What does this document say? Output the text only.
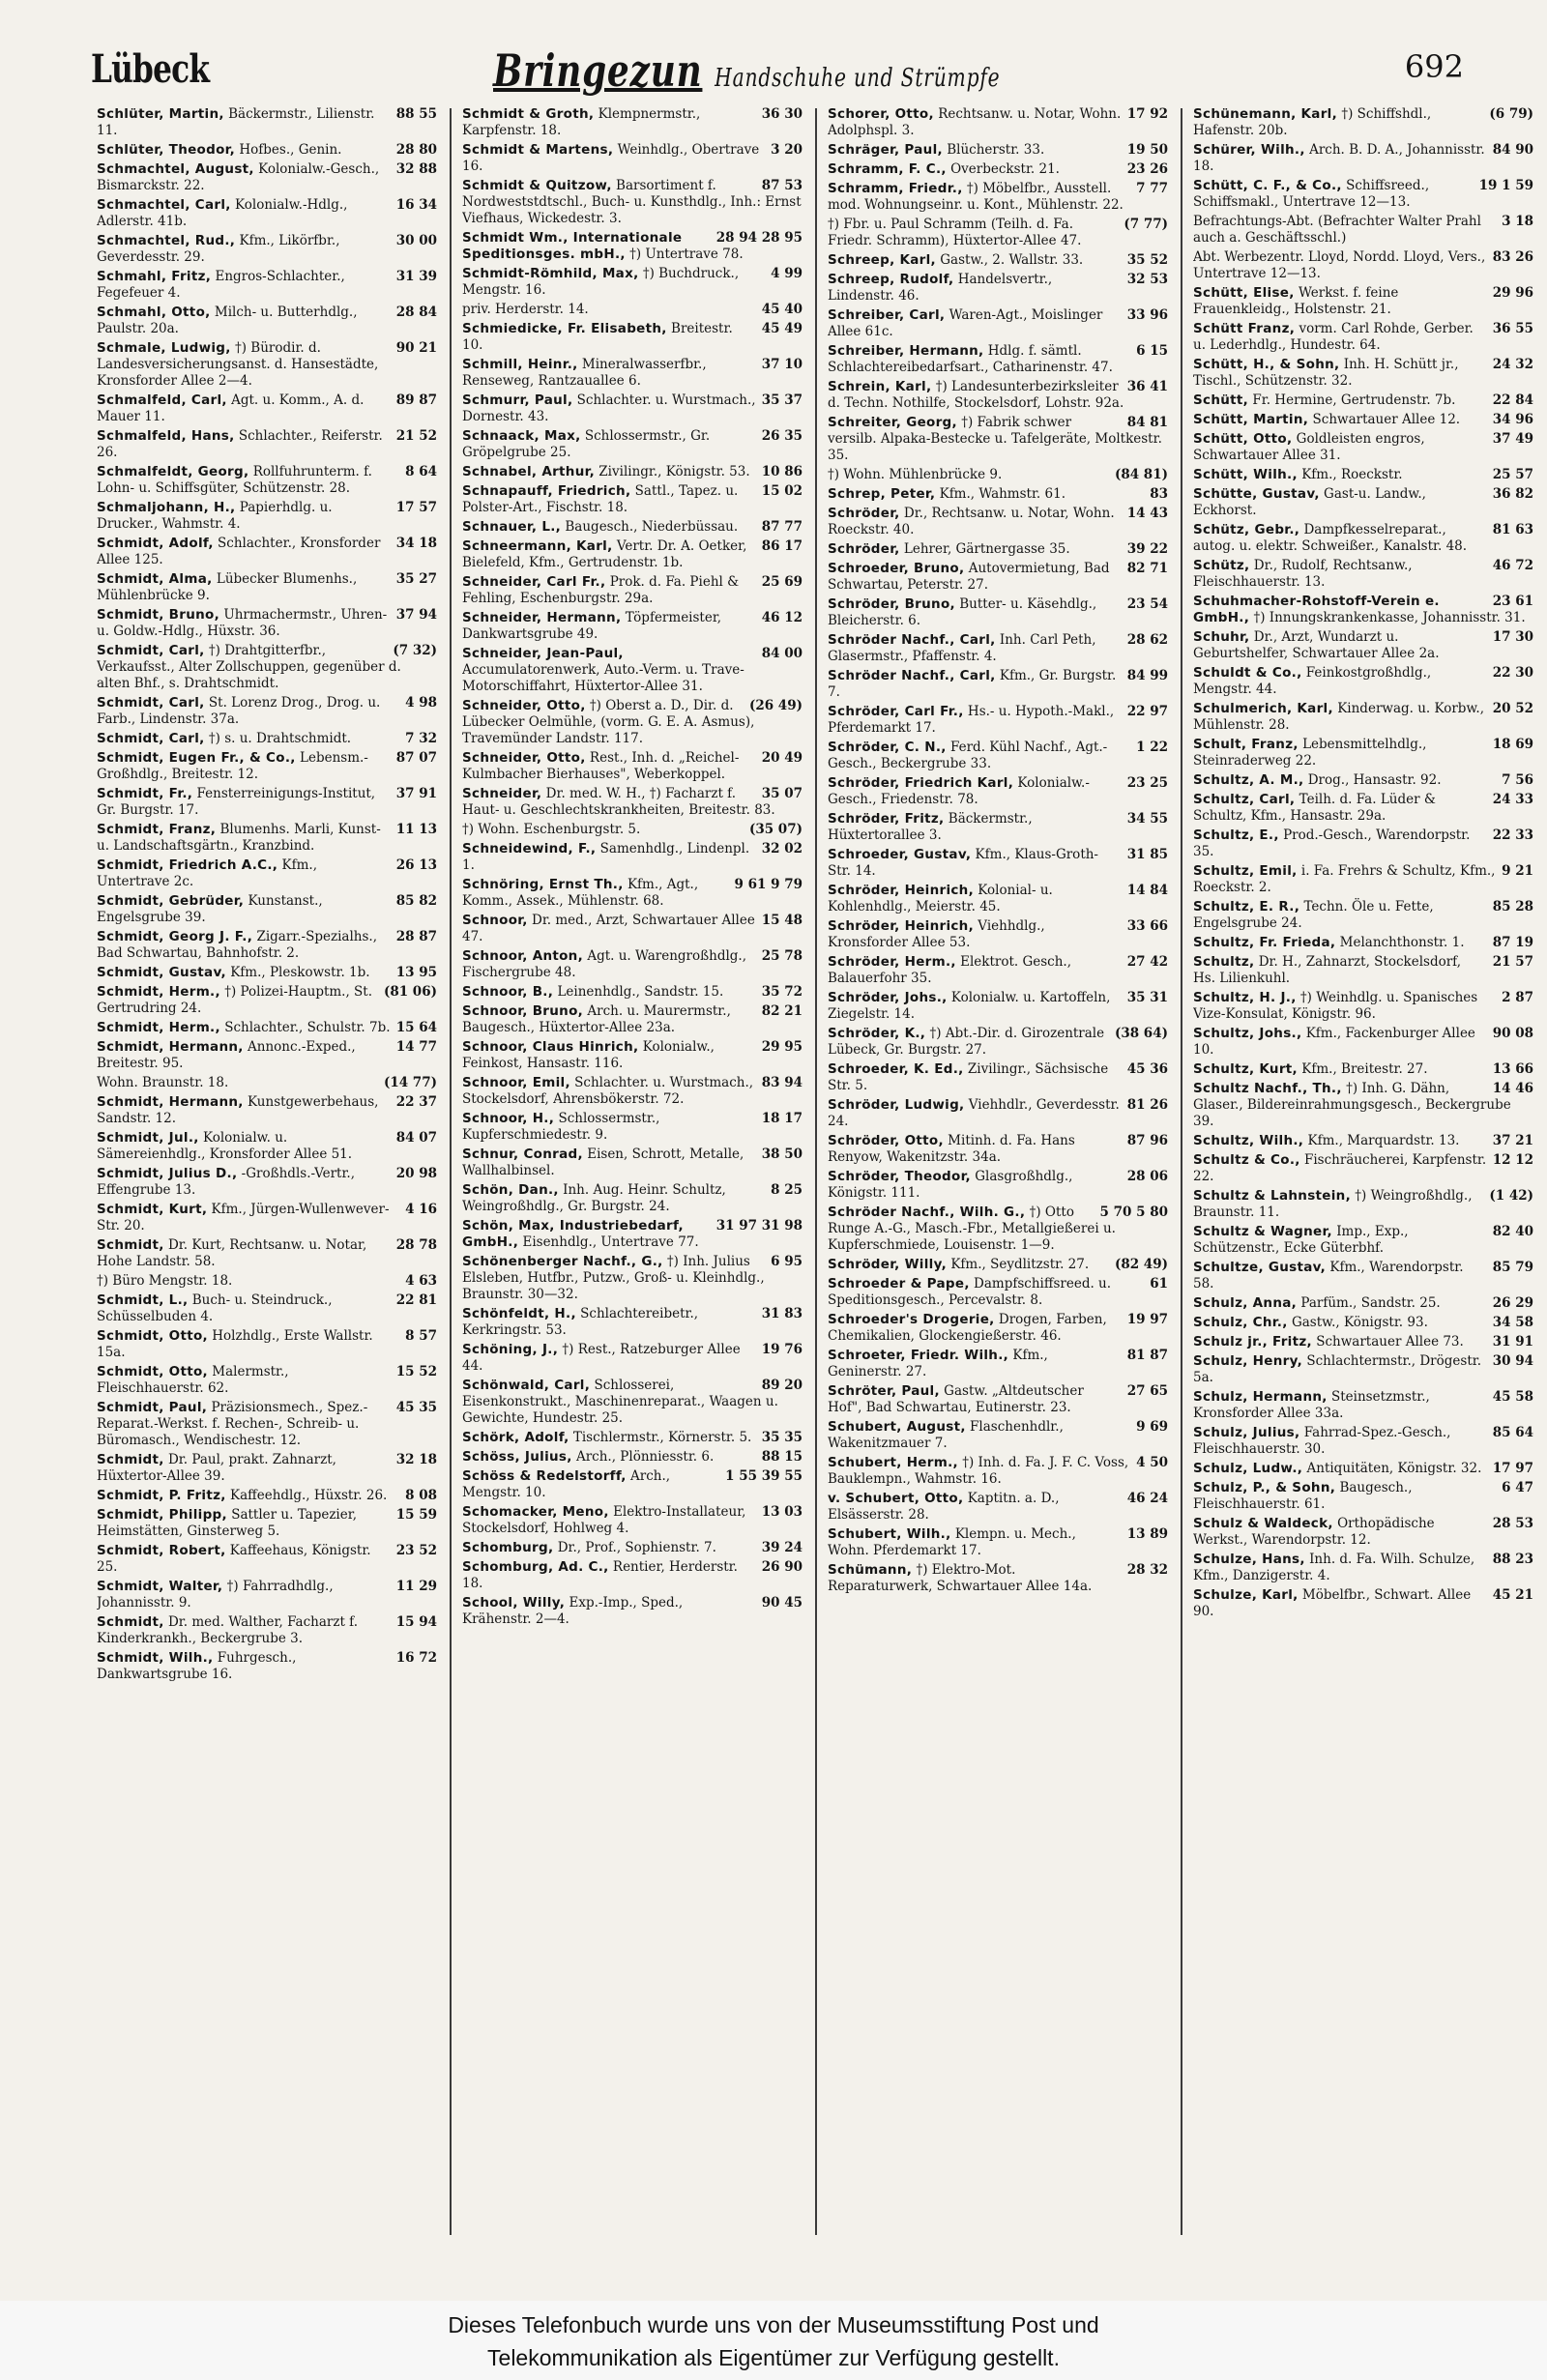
Lübeck	Bringezun Handschuhe und Strümpfe	692
88 55
Schlüter, Martin, Bäckermstr., Lilienstr. 11.
28 80
Schlüter, Theodor, Hofbes., Genin.
32 88
Schmachtel, August, Kolonialw.-Gesch., Bismarckstr. 22.
16 34
Schmachtel, Carl, Kolonialw.-Hdlg., Adlerstr. 41b.
30 00
Schmachtel, Rud., Kfm., Likörfbr., Geverdesstr. 29.
31 39
Schmahl, Fritz, Engros-Schlachter., Fegefeuer 4.
28 84
Schmahl, Otto, Milch- u. Butterhdlg., Paulstr. 20a.
90 21
Schmale, Ludwig, †) Bürodir. d. Landesversicherungsanst. d. Hansestädte, Kronsforder Allee 2—4.
89 87
Schmalfeld, Carl, Agt. u. Komm., A. d. Mauer 11.
21 52
Schmalfeld, Hans, Schlachter., Reiferstr. 26.
8 64
Schmalfeldt, Georg, Rollfuhrunterm. f. Lohn- u. Schiffsgüter, Schützenstr. 28.
17 57
Schmaljohann, H., Papierhdlg. u. Drucker., Wahmstr. 4.
34 18
Schmidt, Adolf, Schlachter., Kronsforder Allee 125.
35 27
Schmidt, Alma, Lübecker Blumenhs., Mühlenbrücke 9.
37 94
Schmidt, Bruno, Uhrmachermstr., Uhren- u. Goldw.-Hdlg., Hüxstr. 36.
(7 32)
Schmidt, Carl, †) Drahtgitterfbr., Verkaufsst., Alter Zollschuppen, gegenüber d. alten Bhf., s. Drahtschmidt.
4 98
Schmidt, Carl, St. Lorenz Drog., Drog. u. Farb., Lindenstr. 37a.
7 32
Schmidt, Carl, †) s. u. Drahtschmidt.
87 07
Schmidt, Eugen Fr., & Co., Lebensm.-Großhdlg., Breitestr. 12.
37 91
Schmidt, Fr., Fensterreinigungs-Institut, Gr. Burgstr. 17.
11 13
Schmidt, Franz, Blumenhs. Marli, Kunst- u. Landschaftsgärtn., Kranzbind.
26 13
Schmidt, Friedrich A.C., Kfm., Untertrave 2c.
85 82
Schmidt, Gebrüder, Kunstanst., Engelsgrube 39.
28 87
Schmidt, Georg J. F., Zigarr.-Spezialhs., Bad Schwartau, Bahnhofstr. 2.
13 95
Schmidt, Gustav, Kfm., Pleskowstr. 1b.
(81 06)
Schmidt, Herm., †) Polizei-Hauptm., St. Gertrudring 24.
15 64
Schmidt, Herm., Schlachter., Schulstr. 7b.
14 77
Schmidt, Hermann, Annonc.-Exped., Breitestr. 95.
(14 77)
Wohn. Braunstr. 18.
22 37
Schmidt, Hermann, Kunstgewerbehaus, Sandstr. 12.
84 07
Schmidt, Jul., Kolonialw. u. Sämereienhdlg., Kronsforder Allee 51.
20 98
Schmidt, Julius D., -Großhdls.-Vertr., Effengrube 13.
4 16
Schmidt, Kurt, Kfm., Jürgen-Wullenwever-Str. 20.
28 78
Schmidt, Dr. Kurt, Rechtsanw. u. Notar, Hohe Landstr. 58.
4 63
†) Büro Mengstr. 18.
22 81
Schmidt, L., Buch- u. Steindruck., Schüsselbuden 4.
8 57
Schmidt, Otto, Holzhdlg., Erste Wallstr. 15a.
15 52
Schmidt, Otto, Malermstr., Fleischhauerstr. 62.
45 35
Schmidt, Paul, Präzisionsmech., Spez.-Reparat.-Werkst. f. Rechen-, Schreib- u. Büromasch., Wendischestr. 12.
32 18
Schmidt, Dr. Paul, prakt. Zahnarzt, Hüxtertor-Allee 39.
8 08
Schmidt, P. Fritz, Kaffeehdlg., Hüxstr. 26.
15 59
Schmidt, Philipp, Sattler u. Tapezier, Heimstätten, Ginsterweg 5.
23 52
Schmidt, Robert, Kaffeehaus, Königstr. 25.
11 29
Schmidt, Walter, †) Fahrradhdlg., Johannisstr. 9.
15 94
Schmidt, Dr. med. Walther, Facharzt f. Kinderkrankh., Beckergrube 3.
16 72
Schmidt, Wilh., Fuhrgesch., Dankwartsgrube 16.
36 30
Schmidt & Groth, Klempnermstr., Karpfenstr. 18.
3 20
Schmidt & Martens, Weinhdlg., Obertrave 16.
87 53
Schmidt & Quitzow, Barsortiment f. Nordweststdtschl., Buch- u. Kunsthdlg., Inh.: Ernst Viefhaus, Wickedestr. 3.
28 94 28 95
Schmidt Wm., Internationale Speditionsges. mbH., †) Untertrave 78.
4 99
Schmidt-Römhild, Max, †) Buchdruck., Mengstr. 16.
45 40
priv. Herderstr. 14.
45 49
Schmiedicke, Fr. Elisabeth, Breitestr. 10.
37 10
Schmill, Heinr., Mineralwasserfbr., Renseweg, Rantzauallee 6.
35 37
Schmurr, Paul, Schlachter. u. Wurstmach., Dornestr. 43.
26 35
Schnaack, Max, Schlossermstr., Gr. Gröpelgrube 25.
10 86
Schnabel, Arthur, Zivilingr., Königstr. 53.
15 02
Schnapauff, Friedrich, Sattl., Tapez. u. Polster-Art., Fischstr. 18.
87 77
Schnauer, L., Baugesch., Niederbüssau.
86 17
Schneermann, Karl, Vertr. Dr. A. Oetker, Bielefeld, Kfm., Gertrudenstr. 1b.
25 69
Schneider, Carl Fr., Prok. d. Fa. Piehl & Fehling, Eschenburgstr. 29a.
46 12
Schneider, Hermann, Töpfermeister, Dankwartsgrube 49.
84 00
Schneider, Jean-Paul, Accumulatorenwerk, Auto.-Verm. u. Trave-Motorschiffahrt, Hüxtertor-Allee 31.
(26 49)
Schneider, Otto, †) Oberst a. D., Dir. d. Lübecker Oelmühle, (vorm. G. E. A. Asmus), Travemünder Landstr. 117.
20 49
Schneider, Otto, Rest., Inh. d. „Reichel-Kulmbacher Bierhauses", Weberkoppel.
35 07
Schneider, Dr. med. W. H., †) Facharzt f. Haut- u. Geschlechtskrankheiten, Breitestr. 83.
(35 07)
†) Wohn. Eschenburgstr. 5.
32 02
Schneidewind, F., Samenhdlg., Lindenpl. 1.
9 61 9 79
Schnöring, Ernst Th., Kfm., Agt., Komm., Assek., Mühlenstr. 68.
15 48
Schnoor, Dr. med., Arzt, Schwartauer Allee 47.
25 78
Schnoor, Anton, Agt. u. Warengroßhdlg., Fischergrube 48.
35 72
Schnoor, B., Leinenhdlg., Sandstr. 15.
82 21
Schnoor, Bruno, Arch. u. Maurermstr., Baugesch., Hüxtertor-Allee 23a.
29 95
Schnoor, Claus Hinrich, Kolonialw., Feinkost, Hansastr. 116.
83 94
Schnoor, Emil, Schlachter. u. Wurstmach., Stockelsdorf, Ahrensbökerstr. 72.
18 17
Schnoor, H., Schlossermstr., Kupferschmiedestr. 9.
38 50
Schnur, Conrad, Eisen, Schrott, Metalle, Wallhalbinsel.
8 25
Schön, Dan., Inh. Aug. Heinr. Schultz, Weingroßhdlg., Gr. Burgstr. 24.
31 97 31 98
Schön, Max, Industriebedarf, GmbH., Eisenhdlg., Untertrave 77.
6 95
Schönenberger Nachf., G., †) Inh. Julius Elsleben, Hutfbr., Putzw., Groß- u. Kleinhdlg., Braunstr. 30—32.
31 83
Schönfeldt, H., Schlachtereibetr., Kerkringstr. 53.
19 76
Schöning, J., †) Rest., Ratzeburger Allee 44.
89 20
Schönwald, Carl, Schlosserei, Eisenkonstrukt., Maschinenreparat., Waagen u. Gewichte, Hundestr. 25.
35 35
Schörk, Adolf, Tischlermstr., Körnerstr. 5.
88 15
Schöss, Julius, Arch., Plönniesstr. 6.
1 55 39 55
Schöss & Redelstorff, Arch., Mengstr. 10.
13 03
Schomacker, Meno, Elektro-Installateur, Stockelsdorf, Hohlweg 4.
39 24
Schomburg, Dr., Prof., Sophienstr. 7.
26 90
Schomburg, Ad. C., Rentier, Herderstr. 18.
90 45
School, Willy, Exp.-Imp., Sped., Krähenstr. 2—4.
17 92
Schorer, Otto, Rechtsanw. u. Notar, Wohn. Adolphspl. 3.
19 50
Schräger, Paul, Blücherstr. 33.
23 26
Schramm, F. C., Overbeckstr. 21.
7 77
Schramm, Friedr., †) Möbelfbr., Ausstell. mod. Wohnungseinr. u. Kont., Mühlenstr. 22.
(7 77)
†) Fbr. u. Paul Schramm (Teilh. d. Fa. Friedr. Schramm), Hüxtertor-Allee 47.
35 52
Schreep, Karl, Gastw., 2. Wallstr. 33.
32 53
Schreep, Rudolf, Handelsvertr., Lindenstr. 46.
33 96
Schreiber, Carl, Waren-Agt., Moislinger Allee 61c.
6 15
Schreiber, Hermann, Hdlg. f. sämtl. Schlachtereibedarfsart., Catharinenstr. 47.
36 41
Schrein, Karl, †) Landesunterbezirksleiter d. Techn. Nothilfe, Stockelsdorf, Lohstr. 92a.
84 81
Schreiter, Georg, †) Fabrik schwer versilb. Alpaka-Bestecke u. Tafelgeräte, Moltkestr. 35.
(84 81)
†) Wohn. Mühlenbrücke 9.
83
Schrep, Peter, Kfm., Wahmstr. 61.
14 43
Schröder, Dr., Rechtsanw. u. Notar, Wohn. Roeckstr. 40.
39 22
Schröder, Lehrer, Gärtnergasse 35.
82 71
Schroeder, Bruno, Autovermietung, Bad Schwartau, Peterstr. 27.
23 54
Schröder, Bruno, Butter- u. Käsehdlg., Bleicherstr. 6.
28 62
Schröder Nachf., Carl, Inh. Carl Peth, Glasermstr., Pfaffenstr. 4.
84 99
Schröder Nachf., Carl, Kfm., Gr. Burgstr. 7.
22 97
Schröder, Carl Fr., Hs.- u. Hypoth.-Makl., Pferdemarkt 17.
1 22
Schröder, C. N., Ferd. Kühl Nachf., Agt.-Gesch., Beckergrube 33.
23 25
Schröder, Friedrich Karl, Kolonialw.-Gesch., Friedenstr. 78.
34 55
Schröder, Fritz, Bäckermstr., Hüxtertorallee 3.
31 85
Schroeder, Gustav, Kfm., Klaus-Groth-Str. 14.
14 84
Schröder, Heinrich, Kolonial- u. Kohlenhdlg., Meierstr. 45.
33 66
Schröder, Heinrich, Viehhdlg., Kronsforder Allee 53.
27 42
Schröder, Herm., Elektrot. Gesch., Balauerfohr 35.
35 31
Schröder, Johs., Kolonialw. u. Kartoffeln, Ziegelstr. 14.
(38 64)
Schröder, K., †) Abt.-Dir. d. Girozentrale Lübeck, Gr. Burgstr. 27.
45 36
Schroeder, K. Ed., Zivilingr., Sächsische Str. 5.
81 26
Schröder, Ludwig, Viehhdlr., Geverdesstr. 24.
87 96
Schröder, Otto, Mitinh. d. Fa. Hans Renyow, Wakenitzstr. 34a.
28 06
Schröder, Theodor, Glasgroßhdlg., Königstr. 111.
5 70 5 80
Schröder Nachf., Wilh. G., †) Otto Runge A.-G., Masch.-Fbr., Metallgießerei u. Kupferschmiede, Louisenstr. 1—9.
(82 49)
Schröder, Willy, Kfm., Seydlitzstr. 27.
61
Schroeder & Pape, Dampfschiffsreed. u. Speditionsgesch., Percevalstr. 8.
19 97
Schroeder's Drogerie, Drogen, Farben, Chemikalien, Glockengießerstr. 46.
81 87
Schroeter, Friedr. Wilh., Kfm., Geninerstr. 27.
27 65
Schröter, Paul, Gastw. „Altdeutscher Hof", Bad Schwartau, Eutinerstr. 23.
9 69
Schubert, August, Flaschenhdlr., Wakenitzmauer 7.
4 50
Schubert, Herm., †) Inh. d. Fa. J. F. C. Voss, Bauklempn., Wahmstr. 16.
46 24
v. Schubert, Otto, Kaptitn. a. D., Elsässerstr. 28.
13 89
Schubert, Wilh., Klempn. u. Mech., Wohn. Pferdemarkt 17.
28 32
Schümann, †) Elektro-Mot. Reparaturwerk, Schwartauer Allee 14a.
(6 79)
Schünemann, Karl, †) Schiffshdl., Hafenstr. 20b.
84 90
Schürer, Wilh., Arch. B. D. A., Johannisstr. 18.
19 1 59
Schütt, C. F., & Co., Schiffsreed., Schiffsmakl., Untertrave 12—13.
3 18
Befrachtungs-Abt. (Befrachter Walter Prahl auch a. Geschäftsschl.)
83 26
Abt. Werbezentr. Lloyd, Nordd. Lloyd, Vers., Untertrave 12—13.
29 96
Schütt, Elise, Werkst. f. feine Frauenkleidg., Holstenstr. 21.
36 55
Schütt Franz, vorm. Carl Rohde, Gerber. u. Lederhdlg., Hundestr. 64.
24 32
Schütt, H., & Sohn, Inh. H. Schütt jr., Tischl., Schützenstr. 32.
22 84
Schütt, Fr. Hermine, Gertrudenstr. 7b.
34 96
Schütt, Martin, Schwartauer Allee 12.
37 49
Schütt, Otto, Goldleisten engros, Schwartauer Allee 31.
25 57
Schütt, Wilh., Kfm., Roeckstr.
36 82
Schütte, Gustav, Gast-u. Landw., Eckhorst.
81 63
Schütz, Gebr., Dampfkesselreparat., autog. u. elektr. Schweißer., Kanalstr. 48.
46 72
Schütz, Dr., Rudolf, Rechtsanw., Fleischhauerstr. 13.
23 61
Schuhmacher-Rohstoff-Verein e. GmbH., †) Innungskrankenkasse, Johannisstr. 31.
17 30
Schuhr, Dr., Arzt, Wundarzt u. Geburtshelfer, Schwartauer Allee 2a.
22 30
Schuldt & Co., Feinkostgroßhdlg., Mengstr. 44.
20 52
Schulmerich, Karl, Kinderwag. u. Korbw., Mühlenstr. 28.
18 69
Schult, Franz, Lebensmittelhdlg., Steinraderweg 22.
7 56
Schultz, A. M., Drog., Hansastr. 92.
24 33
Schultz, Carl, Teilh. d. Fa. Lüder & Schultz, Kfm., Hansastr. 29a.
22 33
Schultz, E., Prod.-Gesch., Warendorpstr. 35.
9 21
Schultz, Emil, i. Fa. Frehrs & Schultz, Kfm., Roeckstr. 2.
85 28
Schultz, E. R., Techn. Öle u. Fette, Engelsgrube 24.
87 19
Schultz, Fr. Frieda, Melanchthonstr. 1.
21 57
Schultz, Dr. H., Zahnarzt, Stockelsdorf, Hs. Lilienkuhl.
2 87
Schultz, H. J., †) Weinhdlg. u. Spanisches Vize-Konsulat, Königstr. 96.
90 08
Schultz, Johs., Kfm., Fackenburger Allee 10.
13 66
Schultz, Kurt, Kfm., Breitestr. 27.
14 46
Schultz Nachf., Th., †) Inh. G. Dähn, Glaser., Bildereinrahmungsgesch., Beckergrube 39.
37 21
Schultz, Wilh., Kfm., Marquardstr. 13.
12 12
Schultz & Co., Fischräucherei, Karpfenstr. 22.
(1 42)
Schultz & Lahnstein, †) Weingroßhdlg., Braunstr. 11.
82 40
Schultz & Wagner, Imp., Exp., Schützenstr., Ecke Güterbhf.
85 79
Schultze, Gustav, Kfm., Warendorpstr. 58.
26 29
Schulz, Anna, Parfüm., Sandstr. 25.
34 58
Schulz, Chr., Gastw., Königstr. 93.
31 91
Schulz jr., Fritz, Schwartauer Allee 73.
30 94
Schulz, Henry, Schlachtermstr., Drögestr. 5a.
45 58
Schulz, Hermann, Steinsetzmstr., Kronsforder Allee 33a.
85 64
Schulz, Julius, Fahrrad-Spez.-Gesch., Fleischhauerstr. 30.
17 97
Schulz, Ludw., Antiquitäten, Königstr. 32.
6 47
Schulz, P., & Sohn, Baugesch., Fleischhauerstr. 61.
28 53
Schulz & Waldeck, Orthopädische Werkst., Warendorpstr. 12.
88 23
Schulze, Hans, Inh. d. Fa. Wilh. Schulze, Kfm., Danzigerstr. 4.
45 21
Schulze, Karl, Möbelfbr., Schwart. Allee 90.
Dieses Telefonbuch wurde uns von der Museumsstiftung Post und
Telekommunikation als Eigentümer zur Verfügung gestellt.
